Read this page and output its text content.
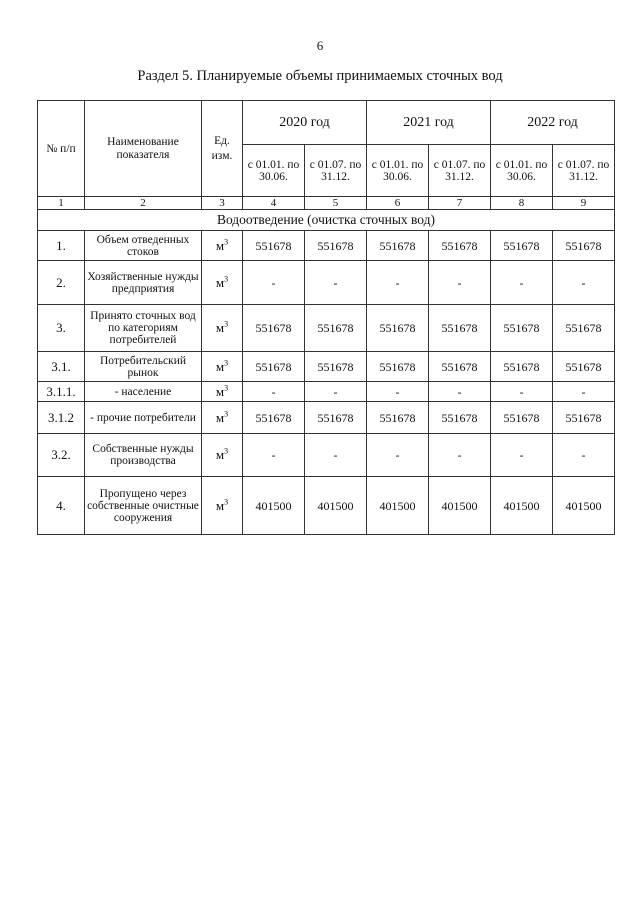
6
Раздел 5. Планируемые объемы принимаемых сточных вод
№ п/п	Наименование показателя	Ед. изм.	2020 год		2021 год		2022 год	
			с 01.01. по 30.06.	с 01.07. по 31.12.	с 01.01. по 30.06.	с 01.07. по 31.12.	с 01.01. по 30.06.	с 01.07. по 31.12.
1	2	3	4	5	6	7	8	9
Водоотведение (очистка сточных вод)								
1.	Объем отведенных стоков	$м^3$	551678	551678	551678	551678	551678	551678
2.	Хозяйственные нужды предприятия	$м^3$	-	-	-	-	-	-
3.	Принято сточных вод по категориям потребителей	$м^3$	551678	551678	551678	551678	551678	551678
3.1.	Потребительский рынок	$м^3$	551678	551678	551678	551678	551678	551678
3.1.1.	- население	$м^3$	-	-	-	-	-	-
3.1.2	- прочие потребители	$м^3$	551678	551678	551678	551678	551678	551678
3.2.	Собственные нужды производства	$м^3$	-	-	-	-	-	-
4.	Пропущено через собственные очистные сооружения	$м^3$	401500	401500	401500	401500	401500	401500
